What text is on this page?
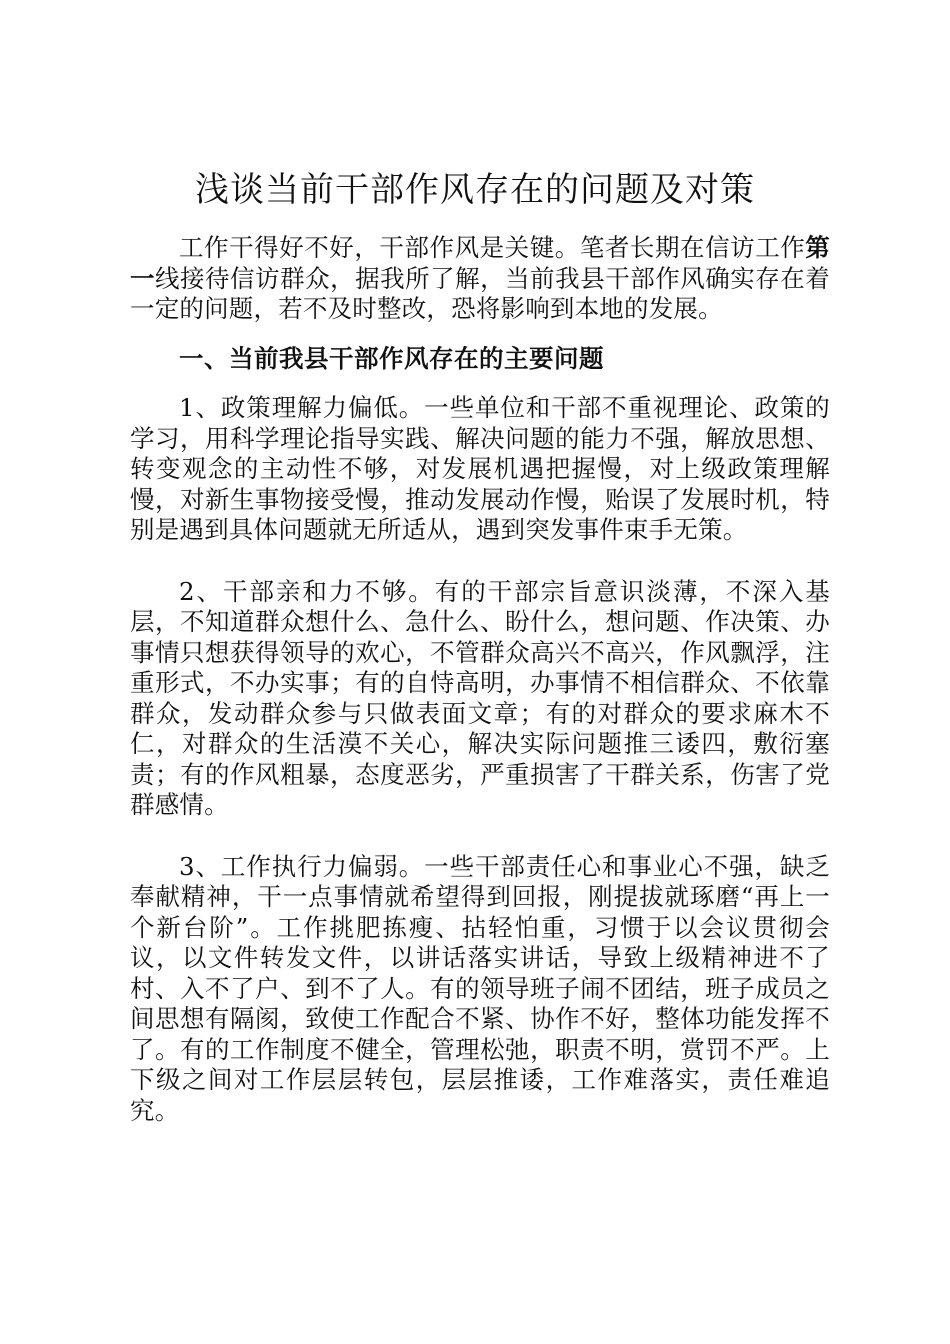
浅谈当前干部作风存在的问题及对策

工作干得好不好，干部作风是关键。笔者长期在信访工作第一线接待信访群众，据我所了解，当前我县干部作风确实存在着一定的问题，若不及时整改，恐将影响到本地的发展。

一、当前我县干部作风存在的主要问题

1、政策理解力偏低。一些单位和干部不重视理论、政策的学习，用科学理论指导实践、解决问题的能力不强，解放思想、转变观念的主动性不够，对发展机遇把握慢，对上级政策理解慢，对新生事物接受慢，推动发展动作慢，贻误了发展时机，特别是遇到具体问题就无所适从，遇到突发事件束手无策。

2、干部亲和力不够。有的干部宗旨意识淡薄，不深入基层，不知道群众想什么、急什么、盼什么，想问题、作决策、办事情只想获得领导的欢心，不管群众高兴不高兴，作风飘浮，注重形式，不办实事；有的自恃高明，办事情不相信群众、不依靠群众，发动群众参与只做表面文章；有的对群众的要求麻木不仁，对群众的生活漠不关心，解决实际问题推三诿四，敷衍塞责；有的作风粗暴，态度恶劣，严重损害了干群关系，伤害了党群感情。

3、工作执行力偏弱。一些干部责任心和事业心不强，缺乏奉献精神，干一点事情就希望得到回报，刚提拔就琢磨“再上一个新台阶”。工作挑肥拣瘦、拈轻怕重，习惯于以会议贯彻会议，以文件转发文件，以讲话落实讲话，导致上级精神进不了村、入不了户、到不了人。有的领导班子闹不团结，班子成员之间思想有隔阂，致使工作配合不紧、协作不好，整体功能发挥不了。有的工作制度不健全，管理松弛，职责不明，赏罚不严。上下级之间对工作层层转包，层层推诿，工作难落实，责任难追究。
